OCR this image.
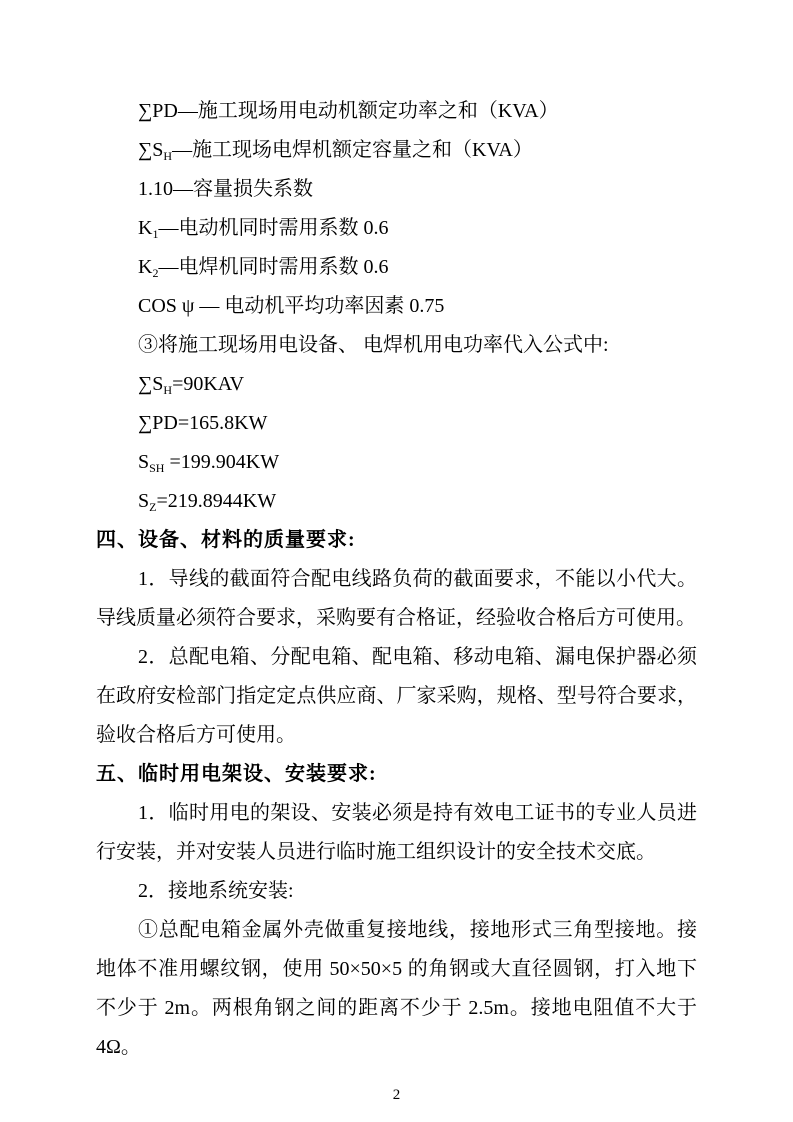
∑PD—施工现场用电动机额定功率之和（KVA）

$\sum S_H—$施工现场电焊机额定容量之和（KVA）

1.10—容量损失系数

$K_1—$电动机同时需用系数 0.6

$K_2—$电焊机同时需用系数 0.6

COS ψ — 电动机平均功率因素 0.75

③将施工现场用电设备、 电焊机用电功率代入公式中:

$\sum S_H=90KAV$

∑PD=165.8KW

$S_{SH} =199.904KW$

$S_Z=219.8944KW$

四、设备、材料的质量要求:

1．导线的截面符合配电线路负荷的截面要求，不能以小代大。导线质量必须符合要求，采购要有合格证，经验收合格后方可使用。

2．总配电箱、分配电箱、配电箱、移动电箱、漏电保护器必须在政府安检部门指定定点供应商、厂家采购，规格、型号符合要求，验收合格后方可使用。

五、临时用电架设、安装要求:

1．临时用电的架设、安装必须是持有效电工证书的专业人员进行安装，并对安装人员进行临时施工组织设计的安全技术交底。

2．接地系统安装:

①总配电箱金属外壳做重复接地线，接地形式三角型接地。接地体不准用螺纹钢，使用 50×50×5 的角钢或大直径圆钢，打入地下不少于 2m。两根角钢之间的距离不少于 2.5m。接地电阻值不大于 4Ω。

2
